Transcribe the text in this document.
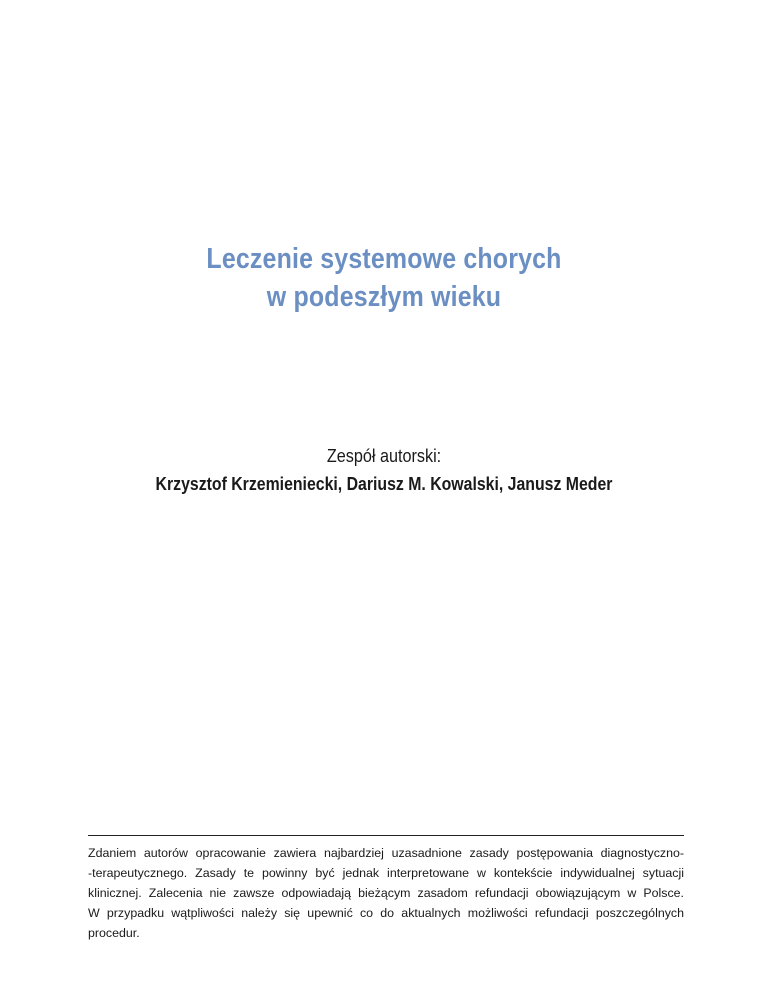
Leczenie systemowe chorych
w podeszłym wieku
Zespół autorski:
Krzysztof Krzemieniecki, Dariusz M. Kowalski, Janusz Meder

Zdaniem autorów opracowanie zawiera najbardziej uzasadnione zasady postępowania diagnostyczno-
-terapeutycznego. Zasady te powinny być jednak interpretowane w kontekście indywidualnej sytuacji
klinicznej. Zalecenia nie zawsze odpowiadają bieżącym zasadom refundacji obowiązującym w Polsce.
W przypadku wątpliwości należy się upewnić co do aktualnych możliwości refundacji poszczególnych
procedur.
